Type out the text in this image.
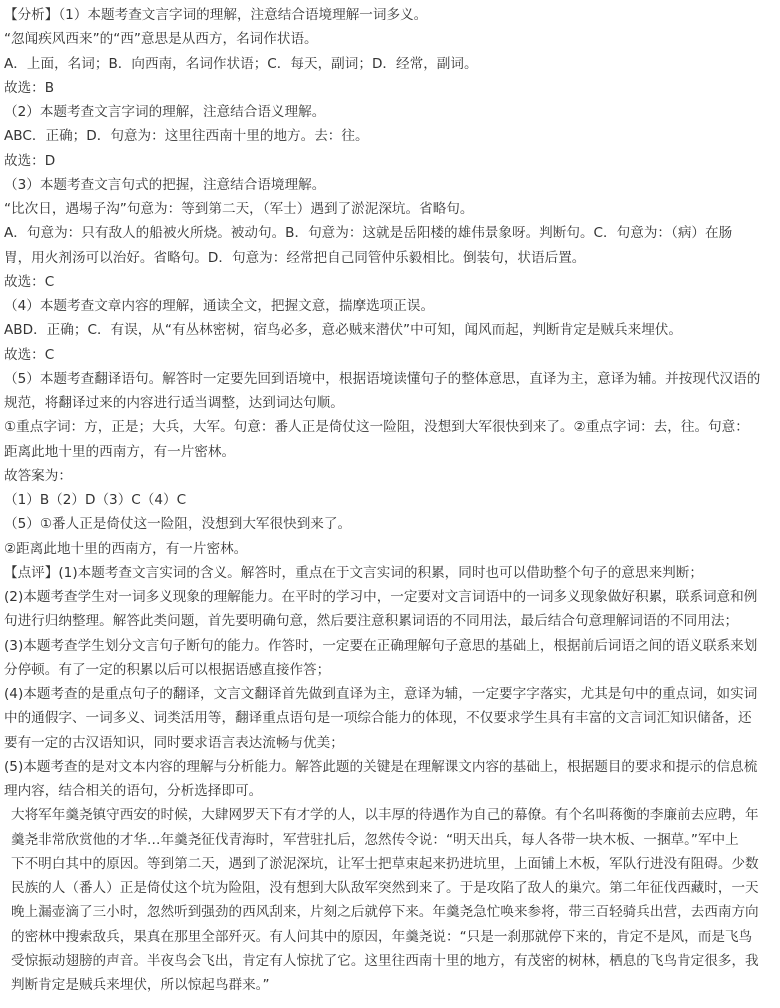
【分析】（1）本题考查文言字词的理解，注意结合语境理解一词多义。
“忽闻疾风西来”的“西”意思是从西方，名词作状语。
A．上面，名词；B．向西南，名词作状语；C．每天，副词；D．经常，副词。
故选：B
（2）本题考查文言字词的理解，注意结合语义理解。
ABC．正确；D．句意为：这里往西南十里的地方。去：往。
故选：D
（3）本题考查文言句式的把握，注意结合语境理解。
“比次日，遇埸子沟”句意为：等到第二天，（军士）遇到了淤泥深坑。省略句。
A．句意为：只有敌人的船被火所烧。被动句。B．句意为：这就是岳阳楼的雄伟景象呀。判断句。C．句意为：（病）在肠
胃，用火剂汤可以治好。省略句。D．句意为：经常把自己同管仲乐毅相比。倒装句，状语后置。
故选：C
（4）本题考查文章内容的理解，通读全文，把握文意，揣摩选项正误。
ABD．正确；C．有误，从“有丛林密树，宿鸟必多，意必贼来潜伏”中可知，闻风而起，判断肯定是贼兵来埋伏。
故选：C
（5）本题考查翻译语句。解答时一定要先回到语境中，根据语境读懂句子的整体意思，直译为主，意译为辅。并按现代汉语的
规范，将翻译过来的内容进行适当调整，达到词达句顺。
①重点字词：方，正是；大兵，大军。句意：番人正是倚仗这一险阻，没想到大军很快到来了。②重点字词：去，往。句意：
距离此地十里的西南方，有一片密林。
故答案为：
（1）B（2）D（3）C（4）C
（5）①番人正是倚仗这一险阻，没想到大军很快到来了。
②距离此地十里的西南方，有一片密林。
【点评】(1)本题考查文言实词的含义。解答时，重点在于文言实词的积累，同时也可以借助整个句子的意思来判断；
(2)本题考查学生对一词多义现象的理解能力。在平时的学习中，一定要对文言词语中的一词多义现象做好积累，联系词意和例
句进行归纳整理。解答此类问题，首先要明确句意，然后要注意积累词语的不同用法，最后结合句意理解词语的不同用法；
(3)本题考查学生划分文言句子断句的能力。作答时，一定要在正确理解句子意思的基础上，根据前后词语之间的语义联系来划
分停顿。有了一定的积累以后可以根据语感直接作答；
(4)本题考查的是重点句子的翻译，文言文翻译首先做到直译为主，意译为辅，一定要字字落实，尤其是句中的重点词，如实词
中的通假字、一词多义、词类活用等，翻译重点语句是一项综合能力的体现，不仅要求学生具有丰富的文言词汇知识储备，还
要有一定的古汉语知识，同时要求语言表达流畅与优美；
(5)本题考查的是对文本内容的理解与分析能力。解答此题的关键是在理解课文内容的基础上，根据题目的要求和提示的信息梳
理内容，结合相关的语句，分析选择即可。
大将军年羹尧镇守西安的时候，大肆网罗天下有才学的人，以丰厚的待遇作为自己的幕僚。有个名叫蒋衡的李廉前去应聘，年
羹尧非常欣赏他的才华…年羹尧征伐青海时，军营驻扎后，忽然传令说：“明天出兵，每人各带一块木板、一捆草。”军中上
下不明白其中的原因。等到第二天，遇到了淤泥深坑，让军士把草束起来扔进坑里，上面铺上木板，军队行进没有阻碍。少数
民族的人（番人）正是倚仗这个坑为险阻，没有想到大队敌军突然到来了。于是攻陷了敌人的巢穴。第二年征伐西藏时，一天
晚上漏壶滴了三小时，忽然听到强劲的西风刮来，片刻之后就停下来。年羹尧急忙唤来参将，带三百轻骑兵出营，去西南方向
的密林中搜索敌兵，果真在那里全部歼灭。有人问其中的原因，年羹尧说：“只是一刹那就停下来的，肯定不是风，而是飞鸟
受惊振动翅膀的声音。半夜鸟会飞出，肯定有人惊扰了它。这里往西南十里的地方，有茂密的树林，栖息的飞鸟肯定很多，我
判断肯定是贼兵来埋伏，所以惊起鸟群来。”
